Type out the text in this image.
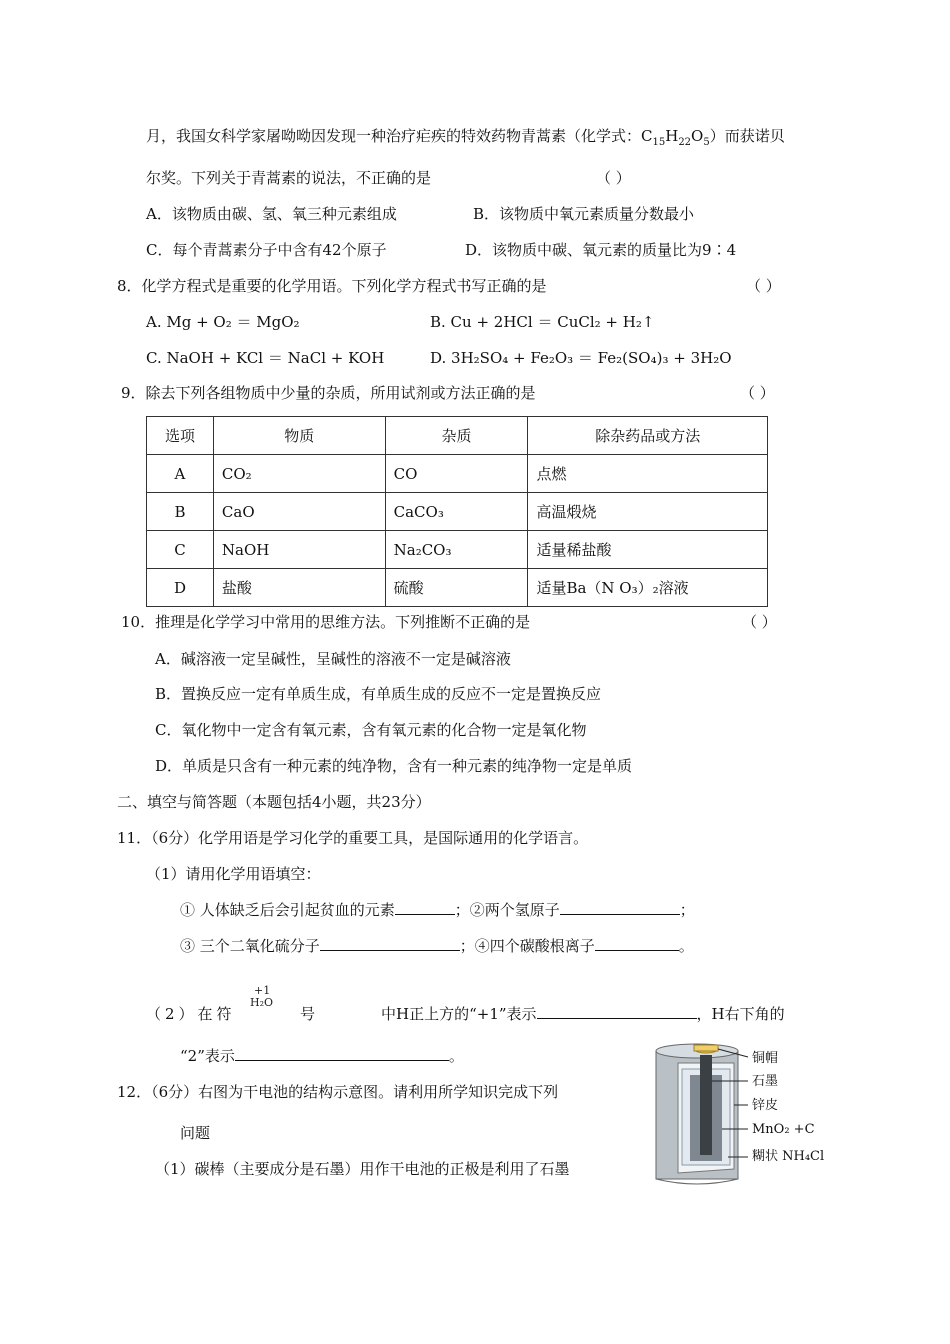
月，我国女科学家屠呦呦因发现一种治疗疟疾的特效药物青蒿素（化学式：$C_{15}H_{22}O_5$）而获诺贝
尔奖。下列关于青蒿素的说法，不正确的是	（ ）
A．该物质由碳、氢、氧三种元素组成	B．该物质中氧元素质量分数最小
C．每个青蒿素分子中含有42个原子	D．该物质中碳、氧元素的质量比为9∶4
8．化学方程式是重要的化学用语。下列化学方程式书写正确的是	（ ）
A. Mg + O₂ ＝ MgO₂	B. Cu + 2HCl ＝ CuCl₂ + H₂↑
C. NaOH + KCl ＝ NaCl + KOH	D. 3H₂SO₄ + Fe₂O₃ ＝ Fe₂(SO₄)₃ + 3H₂O
9．除去下列各组物质中少量的杂质，所用试剂或方法正确的是	（ ）
选项	物质	杂质	除杂药品或方法
A	CO₂	CO	点燃
B	CaO	CaCO₃	高温煅烧
C	NaOH	Na₂CO₃	适量稀盐酸
D	盐酸	硫酸	适量Ba（N O₃）₂溶液
10．推理是化学学习中常用的思维方法。下列推断不正确的是	（ ）
A．碱溶液一定呈碱性，呈碱性的溶液不一定是碱溶液
B．置换反应一定有单质生成，有单质生成的反应不一定是置换反应
C．氧化物中一定含有氧元素，含有氧元素的化合物一定是氧化物
D．单质是只含有一种元素的纯净物，含有一种元素的纯净物一定是单质
二、填空与简答题（本题包括4小题，共23分）
11．（6分）化学用语是学习化学的重要工具，是国际通用的化学语言。
（1）请用化学用语填空：
① 人体缺乏后会引起贫血的元素	；②两个氢原子	；
③ 三个二氧化硫分子	；④四个碳酸根离子	。
（2）在符
+1
H₂O
号	中H正上方的“+1”表示	，H右下角的
“2”表示	。
12．（6分）右图为干电池的结构示意图。请利用所学知识完成下列
问题
（1）碳棒（主要成分是石墨）用作干电池的正极是利用了石墨
铜帽
石墨
锌皮
MnO₂ +C
糊状 NH₄Cl
